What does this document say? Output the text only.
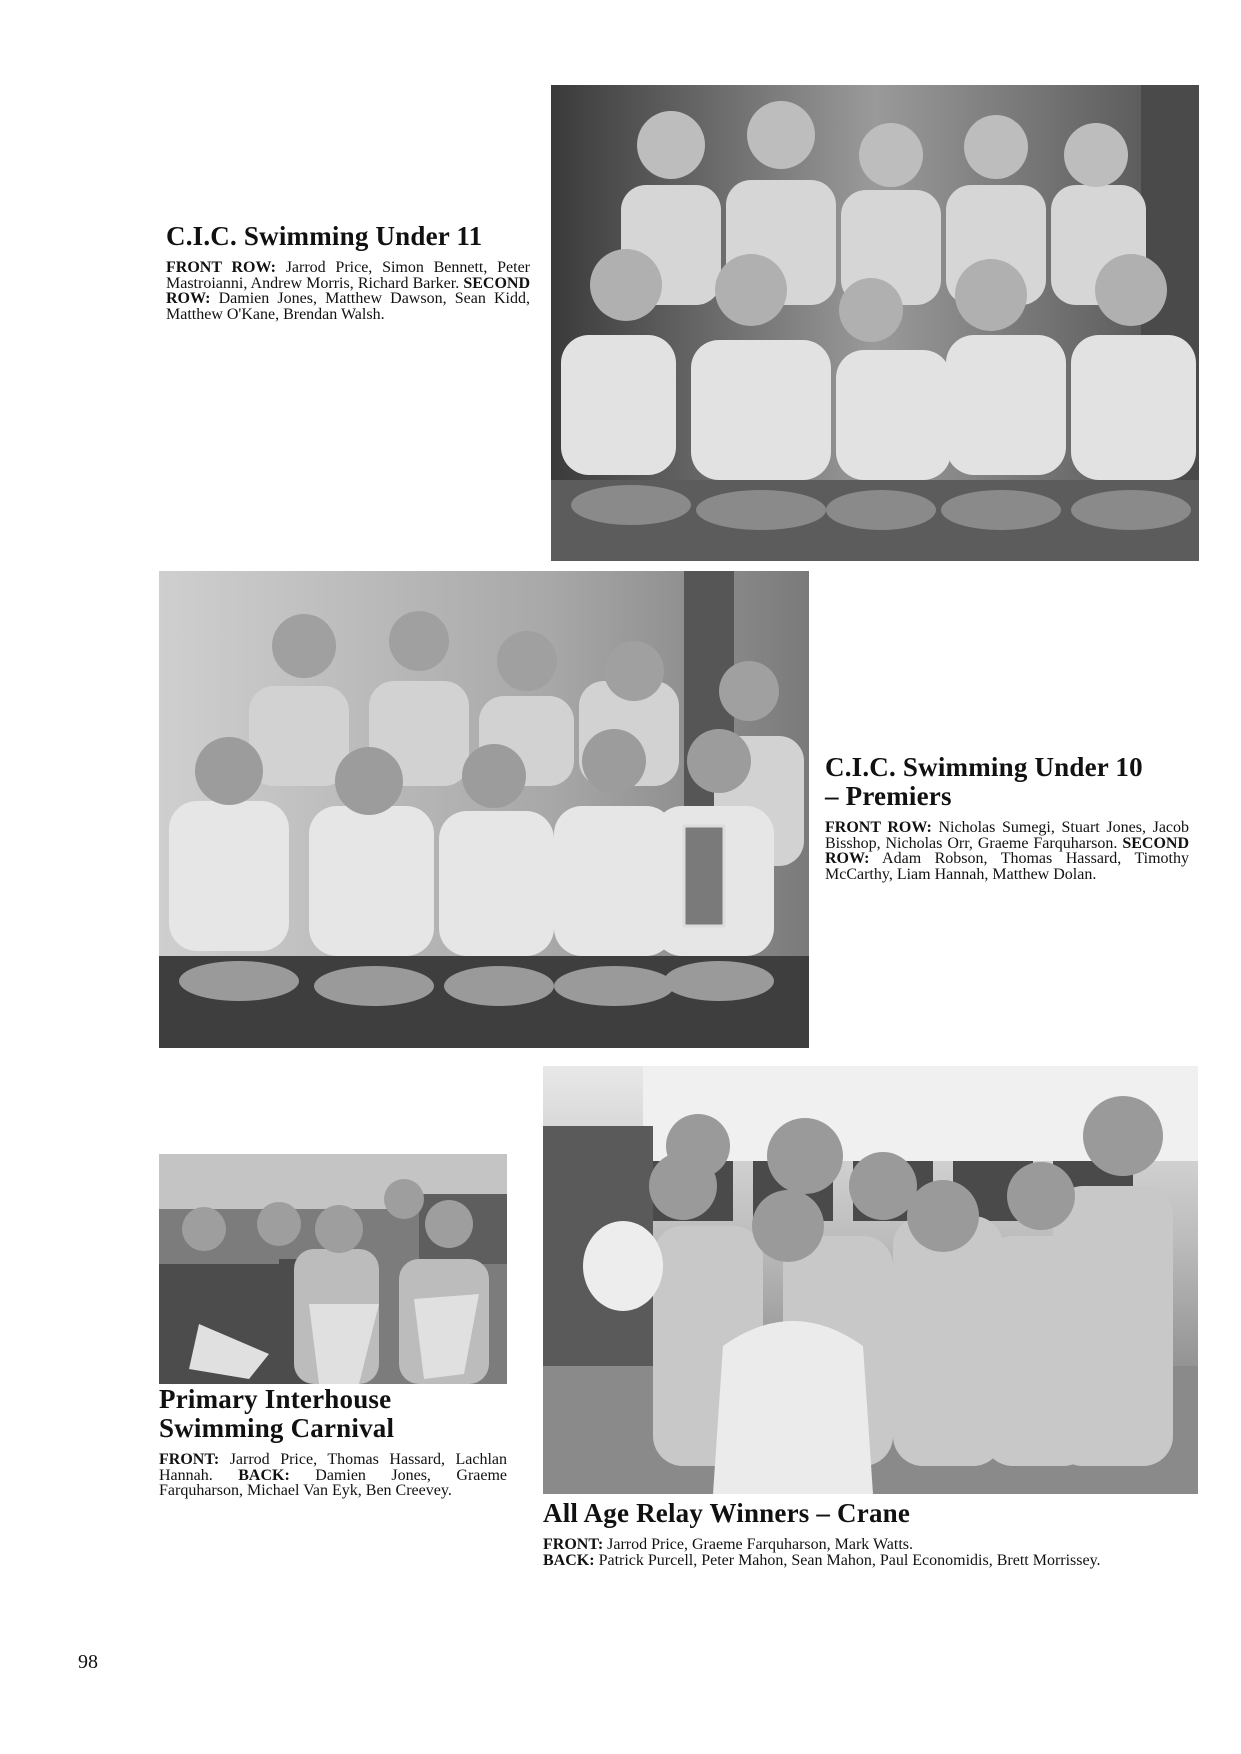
C.I.C. Swimming Under 11

FRONT ROW: Jarrod Price, Simon Bennett, Peter Mastroianni, Andrew Morris, Richard Barker. SECOND ROW: Damien Jones, Matthew Dawson, Sean Kidd, Matthew O'Kane, Brendan Walsh.

C.I.C. Swimming Under 10
– Premiers

FRONT ROW: Nicholas Sumegi, Stuart Jones, Jacob Bisshop, Nicholas Orr, Graeme Farquharson. SECOND ROW: Adam Robson, Thomas Hassard, Timothy McCarthy, Liam Hannah, Matthew Dolan.

Primary Interhouse
Swimming Carnival

FRONT: Jarrod Price, Thomas Hassard, Lachlan Hannah. BACK: Damien Jones, Graeme Farquharson, Michael Van Eyk, Ben Creevey.

All Age Relay Winners – Crane

FRONT: Jarrod Price, Graeme Farquharson, Mark Watts.
BACK: Patrick Purcell, Peter Mahon, Sean Mahon, Paul Economidis, Brett Morrissey.

98
